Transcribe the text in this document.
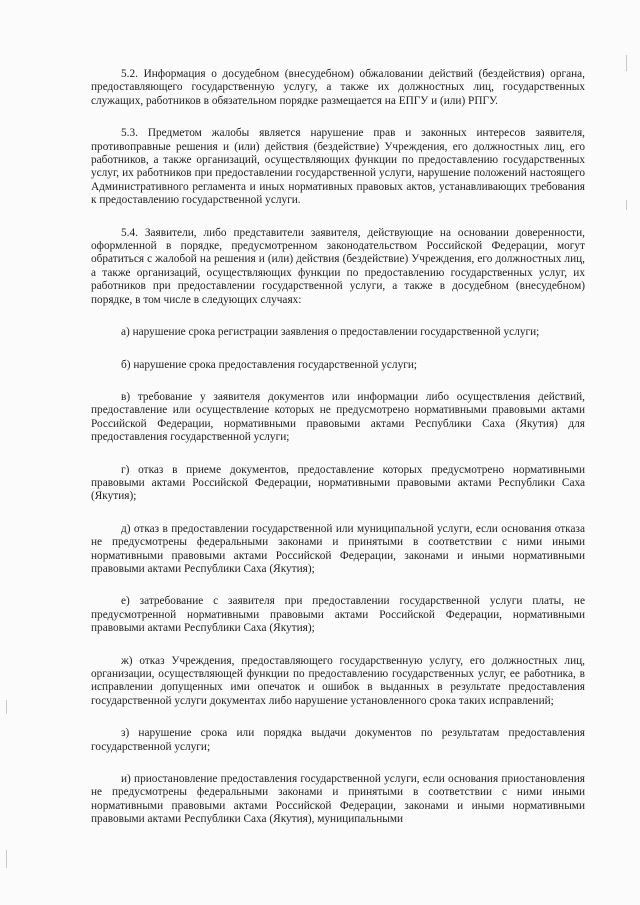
5.2. Информация о досудебном (внесудебном) обжаловании действий (бездействия) органа, предоставляющего государственную услугу, а также их должностных лиц, государственных служащих, работников в обязательном порядке размещается на ЕПГУ и (или) РПГУ.

5.3. Предметом жалобы является нарушение прав и законных интересов заявителя, противоправные решения и (или) действия (бездействие) Учреждения, его должностных лиц, его работников, а также организаций, осуществляющих функции по предоставлению государственных услуг, их работников при предоставлении государственной услуги, нарушение положений настоящего Административного регламента и иных нормативных правовых актов, устанавливающих требования к предоставлению государственной услуги.

5.4. Заявители, либо представители заявителя, действующие на основании доверенности, оформленной в порядке, предусмотренном законодательством Российской Федерации, могут обратиться с жалобой на решения и (или) действия (бездействие) Учреждения, его должностных лиц, а также организаций, осуществляющих функции по предоставлению государственных услуг, их работников при предоставлении государственной услуги, а также в досудебном (внесудебном) порядке, в том числе в следующих случаях:

а) нарушение срока регистрации заявления о предоставлении государственной услуги;

б) нарушение срока предоставления государственной услуги;

в) требование у заявителя документов или информации либо осуществления действий, предоставление или осуществление которых не предусмотрено нормативными правовыми актами Российской Федерации, нормативными правовыми актами Республики Саха (Якутия) для предоставления государственной услуги;

г) отказ в приеме документов, предоставление которых предусмотрено нормативными правовыми актами Российской Федерации, нормативными правовыми актами Республики Саха (Якутия);

д) отказ в предоставлении государственной или муниципальной услуги, если основания отказа не предусмотрены федеральными законами и принятыми в соответствии с ними иными нормативными правовыми актами Российской Федерации, законами и иными нормативными правовыми актами Республики Саха (Якутия);

е) затребование с заявителя при предоставлении государственной услуги платы, не предусмотренной нормативными правовыми актами Российской Федерации, нормативными правовыми актами Республики Саха (Якутия);

ж) отказ Учреждения, предоставляющего государственную услугу, его должностных лиц, организации, осуществляющей функции по предоставлению государственных услуг, ее работника, в исправлении допущенных ими опечаток и ошибок в выданных в результате предоставления государственной услуги документах либо нарушение установленного срока таких исправлений;

з) нарушение срока или порядка выдачи документов по результатам предоставления государственной услуги;

и) приостановление предоставления государственной услуги, если основания приостановления не предусмотрены федеральными законами и принятыми в соответствии с ними иными нормативными правовыми актами Российской Федерации, законами и иными нормативными правовыми актами Республики Саха (Якутия), муниципальными
